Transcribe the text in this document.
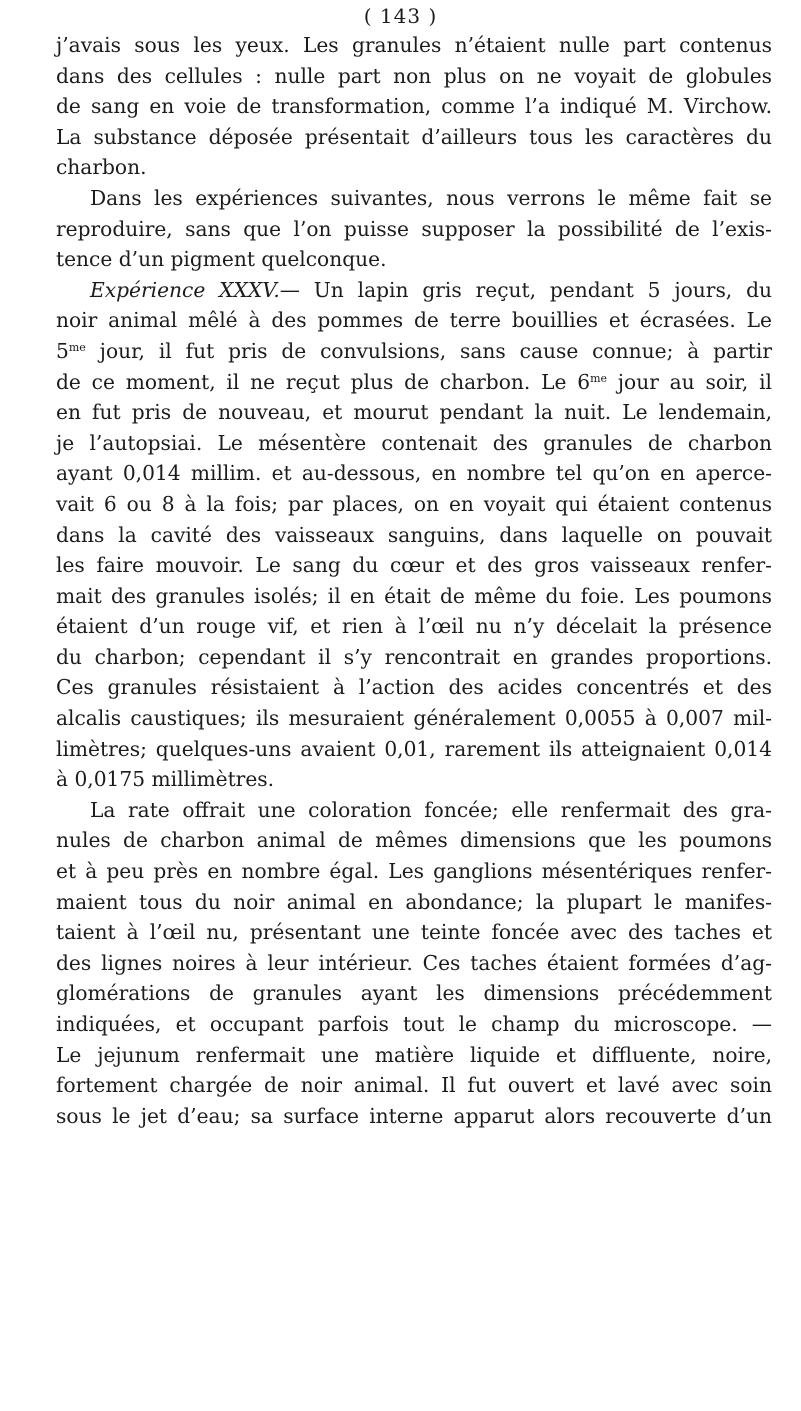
( 143 )

j’avais sous les yeux. Les granules n’étaient nulle part contenus

dans des cellules : nulle part non plus on ne voyait de globules

de sang en voie de transformation, comme l’a indiqué M. Virchow.

La substance déposée présentait d’ailleurs tous les caractères du

charbon.

Dans les expériences suivantes, nous verrons le même fait se

reproduire, sans que l’on puisse supposer la possibilité de l’exis-

tence d’un pigment quelconque.

Expérience XXXV.— Un lapin gris reçut, pendant 5 jours, du

noir animal mêlé à des pommes de terre bouillies et écrasées. Le

$5^{me}$ jour, il fut pris de convulsions, sans cause connue; à partir

de ce moment, il ne reçut plus de charbon. Le $6^{me}$ jour au soir, il

en fut pris de nouveau, et mourut pendant la nuit. Le lendemain,

je l’autopsiai. Le mésentère contenait des granules de charbon

ayant 0,014 millim. et au-dessous, en nombre tel qu’on en aperce-

vait 6 ou 8 à la fois; par places, on en voyait qui étaient contenus

dans la cavité des vaisseaux sanguins, dans laquelle on pouvait

les faire mouvoir. Le sang du cœur et des gros vaisseaux renfer-

mait des granules isolés; il en était de même du foie. Les poumons

étaient d’un rouge vif, et rien à l’œil nu n’y décelait la présence

du charbon; cependant il s’y rencontrait en grandes proportions.

Ces granules résistaient à l’action des acides concentrés et des

alcalis caustiques; ils mesuraient généralement 0,0055 à 0,007 mil-

limètres; quelques-uns avaient 0,01, rarement ils atteignaient 0,014

à 0,0175 millimètres.

La rate offrait une coloration foncée; elle renfermait des gra-

nules de charbon animal de mêmes dimensions que les poumons

et à peu près en nombre égal. Les ganglions mésentériques renfer-

maient tous du noir animal en abondance; la plupart le manifes-

taient à l’œil nu, présentant une teinte foncée avec des taches et

des lignes noires à leur intérieur. Ces taches étaient formées d’ag-

glomérations de granules ayant les dimensions précédemment

indiquées, et occupant parfois tout le champ du microscope. —

Le jejunum renfermait une matière liquide et diffluente, noire,

fortement chargée de noir animal. Il fut ouvert et lavé avec soin

sous le jet d’eau; sa surface interne apparut alors recouverte d’un
